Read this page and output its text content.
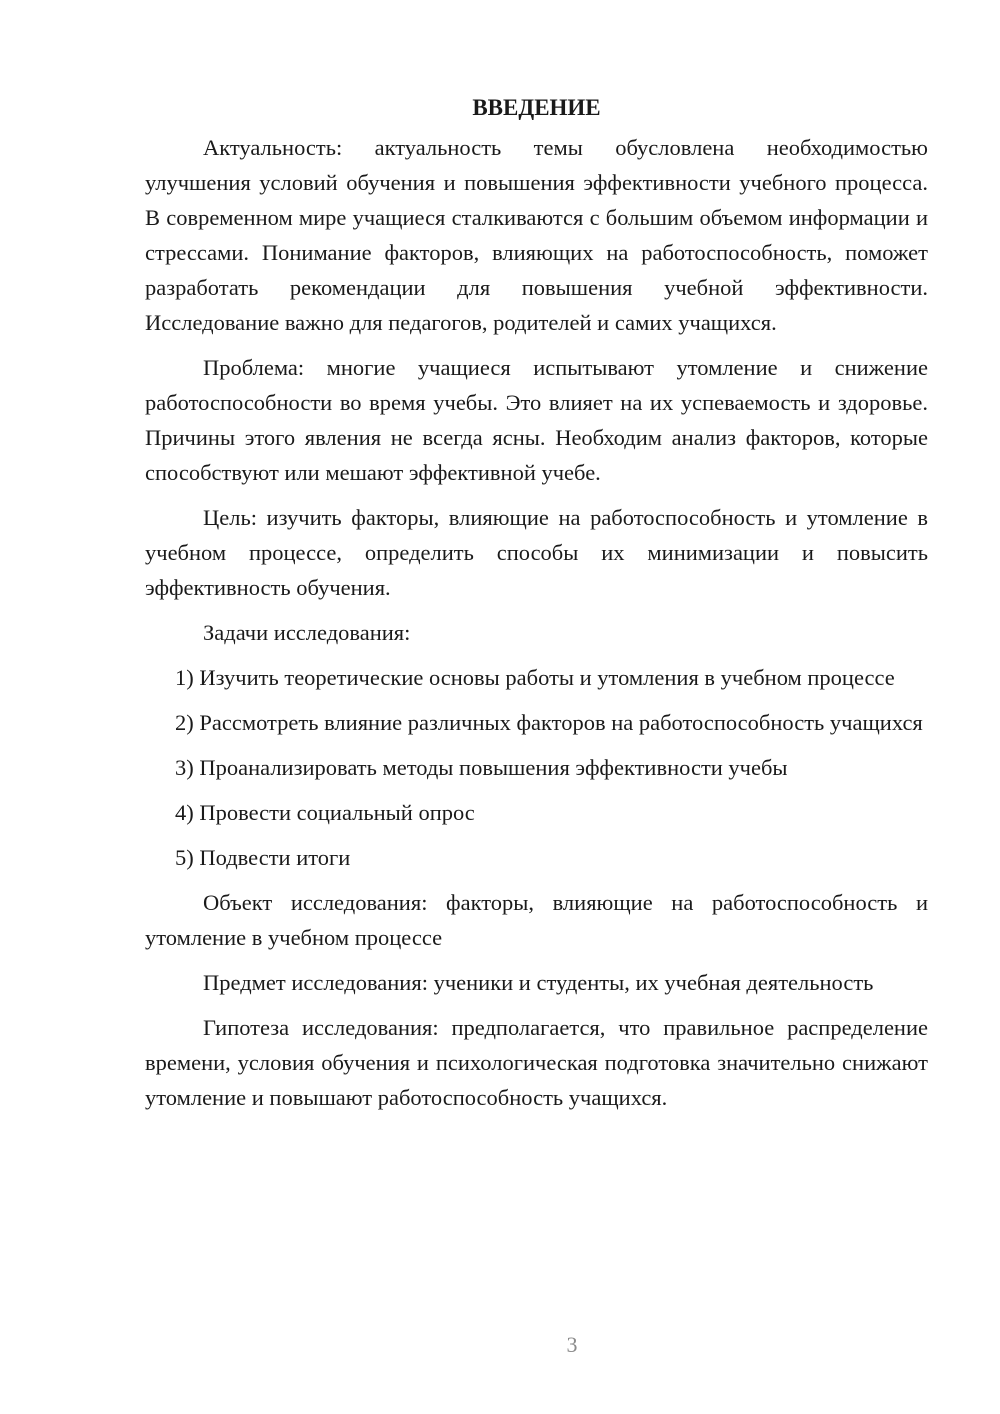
ВВЕДЕНИЕ

Актуальность: актуальность темы обусловлена необходимостью улучшения условий обучения и повышения эффективности учебного процесса. В современном мире учащиеся сталкиваются с большим объемом информации и стрессами. Понимание факторов, влияющих на работоспособность, поможет разработать рекомендации для повышения учебной эффективности. Исследование важно для педагогов, родителей и самих учащихся.

Проблема: многие учащиеся испытывают утомление и снижение работоспособности во время учебы. Это влияет на их успеваемость и здоровье. Причины этого явления не всегда ясны. Необходим анализ факторов, которые способствуют или мешают эффективной учебе.

Цель: изучить факторы, влияющие на работоспособность и утомление в учебном процессе, определить способы их минимизации и повысить эффективность обучения.

Задачи исследования:

1) Изучить теоретические основы работы и утомления в учебном процессе

2) Рассмотреть влияние различных факторов на работоспособность учащихся

3) Проанализировать методы повышения эффективности учебы

4) Провести социальный опрос

5) Подвести итоги

Объект исследования: факторы, влияющие на работоспособность и утомление в учебном процессе

Предмет исследования: ученики и студенты, их учебная деятельность

Гипотеза исследования: предполагается, что правильное распределение времени, условия обучения и психологическая подготовка значительно снижают утомление и повышают работоспособность учащихся.

3
